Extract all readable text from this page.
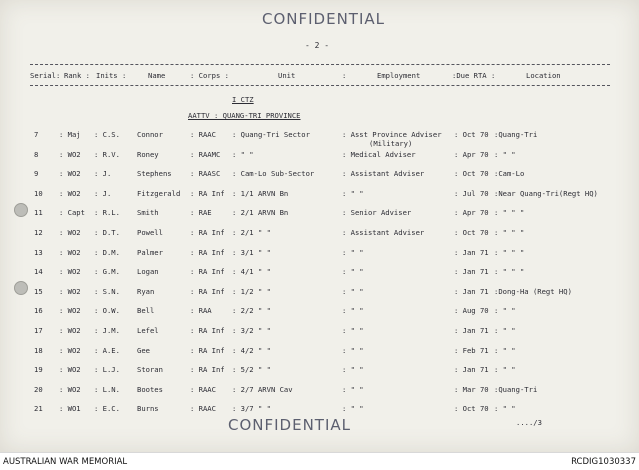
CONFIDENTIAL
- 2 -
Serial: Rank : Inits :	Name	: Corps :	Unit	:	Employment	:Due RTA :	Location
I CTZ
AATTV : QUANG-TRI PROVINCE
7	: Maj : C.S. Connor	: RAAC : Quang-Tri Sector	: Asst Province Adviser : Oct 70 :Quang-Tri
(Military)
8	: WO2 : R.V. Roney	: RAAMC : " "	: Medical Adviser	: Apr 70 : " "
9	: WO2 : J.	Stephens	: RAASC : Cam-Lo Sub-Sector	: Assistant Adviser	: Oct 70 :Cam-Lo
10 : WO2 : J.	Fitzgerald : RA Inf : 1/1 ARVN Bn	: " "	: Jul 70 :Near Quang-Tri(Regt HQ)
11 : Capt : R.L. Smith	: RAE	: 2/1 ARVN Bn	: Senior Adviser	: Apr 70 : " " "
12 : WO2 : D.T. Powell	: RA Inf : 2/1 " "	: Assistant Adviser	: Oct 70 : " " "
13 : WO2 : D.M. Palmer	: RA Inf : 3/1 " "	: " "	: Jan 71 : " " "
14 : WO2 : G.M. Logan	: RA Inf : 4/1 " "	: " "	: Jan 71 : " " "
15 : WO2 : S.N. Ryan	: RA Inf : 1/2 " "	: " "	: Jan 71 :Dong-Ha (Regt HQ)
16 : WO2 : O.W. Bell	: RAA	: 2/2 " "	: " "	: Aug 70 : " "
17 : WO2 : J.M. Lefel	: RA Inf : 3/2 " "	: " "	: Jan 71 : " "
18 : WO2 : A.E. Gee	: RA Inf : 4/2 " "	: " "	: Feb 71 : " "
19 : WO2 : L.J. Storan	: RA Inf : 5/2 " "	: " "	: Jan 71 : " "
20 : WO2 : L.N. Bootes	: RAAC : 2/7 ARVN Cav	: " "	: Mar 70 :Quang-Tri
21 : WO1 : E.C. Burns	: RAAC : 3/7 " "	: " "	: Oct 70 : " "
..../3
CONFIDENTIAL
AUSTRALIAN WAR MEMORIAL	RCDIG1030337
